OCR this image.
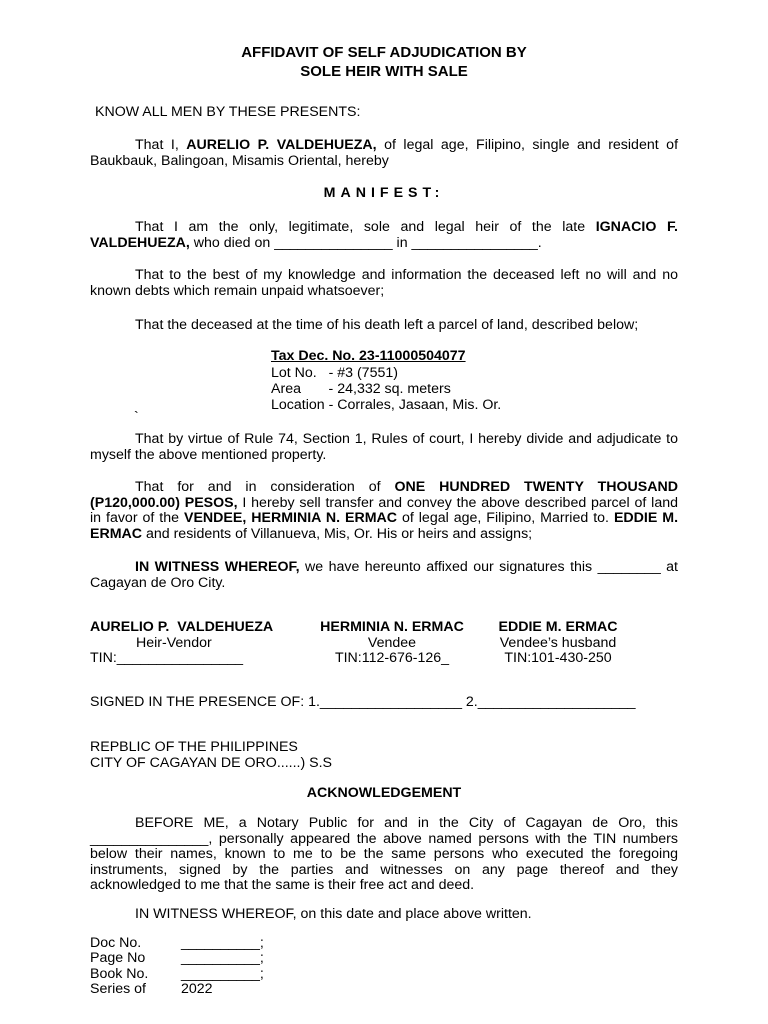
AFFIDAVIT OF SELF ADJUDICATION BY
SOLE HEIR WITH SALE

KNOW ALL MEN BY THESE PRESENTS:

That I, AURELIO P. VALDEHUEZA, of legal age, Filipino, single and resident of Baukbauk, Balingoan, Misamis Oriental, hereby

MANIFEST:

That I am the only, legitimate, sole and legal heir of the late IGNACIO F. VALDEHUEZA, who died on _______________ in ________________.

That to the best of my knowledge and information the deceased left no will and no known debts which remain unpaid whatsoever;

That the deceased at the time of his death left a parcel of land, described below;

Tax Dec. No. 23-11000504077
Lot No.   - #3 (7551)
Area       - 24,332 sq. meters
Location - Corrales, Jasaan, Mis. Or.
`

That by virtue of Rule 74, Section 1, Rules of court, I hereby divide and adjudicate to myself the above mentioned property.

That for and in consideration of ONE HUNDRED TWENTY THOUSAND (P120,000.00) PESOS, I hereby sell transfer and convey the above described parcel of land in favor of the VENDEE, HERMINIA N. ERMAC of legal age, Filipino, Married to. EDDIE M. ERMAC and residents of Villanueva, Mis, Or. His or heirs and assigns;

IN WITNESS WHEREOF, we have hereunto affixed our signatures this ________ at Cagayan de Oro City.

AURELIO P.  VALDEHUEZA
Heir-Vendor
TIN:________________
HERMINIA N. ERMAC
Vendee
TIN:112-676-126_
EDDIE M. ERMAC
Vendee’s husband
TIN:101-430-250
SIGNED IN THE PRESENCE OF: 1.__________________ 2.____________________
REPBLIC OF THE PHILIPPINES
CITY OF CAGAYAN DE ORO......) S.S
ACKNOWLEDGEMENT

BEFORE ME, a Notary Public for and in the City of Cagayan de Oro, this _______________, personally appeared the above named persons with the TIN numbers below their names, known to me to be the same persons who executed the foregoing instruments, signed by the parties and witnesses on any page thereof and they acknowledged to me that the same is their free act and deed.

IN WITNESS WHEREOF, on this date and place above written.

Doc No.	__________;
Page No	__________;
Book No. __________;
Series of 2022
